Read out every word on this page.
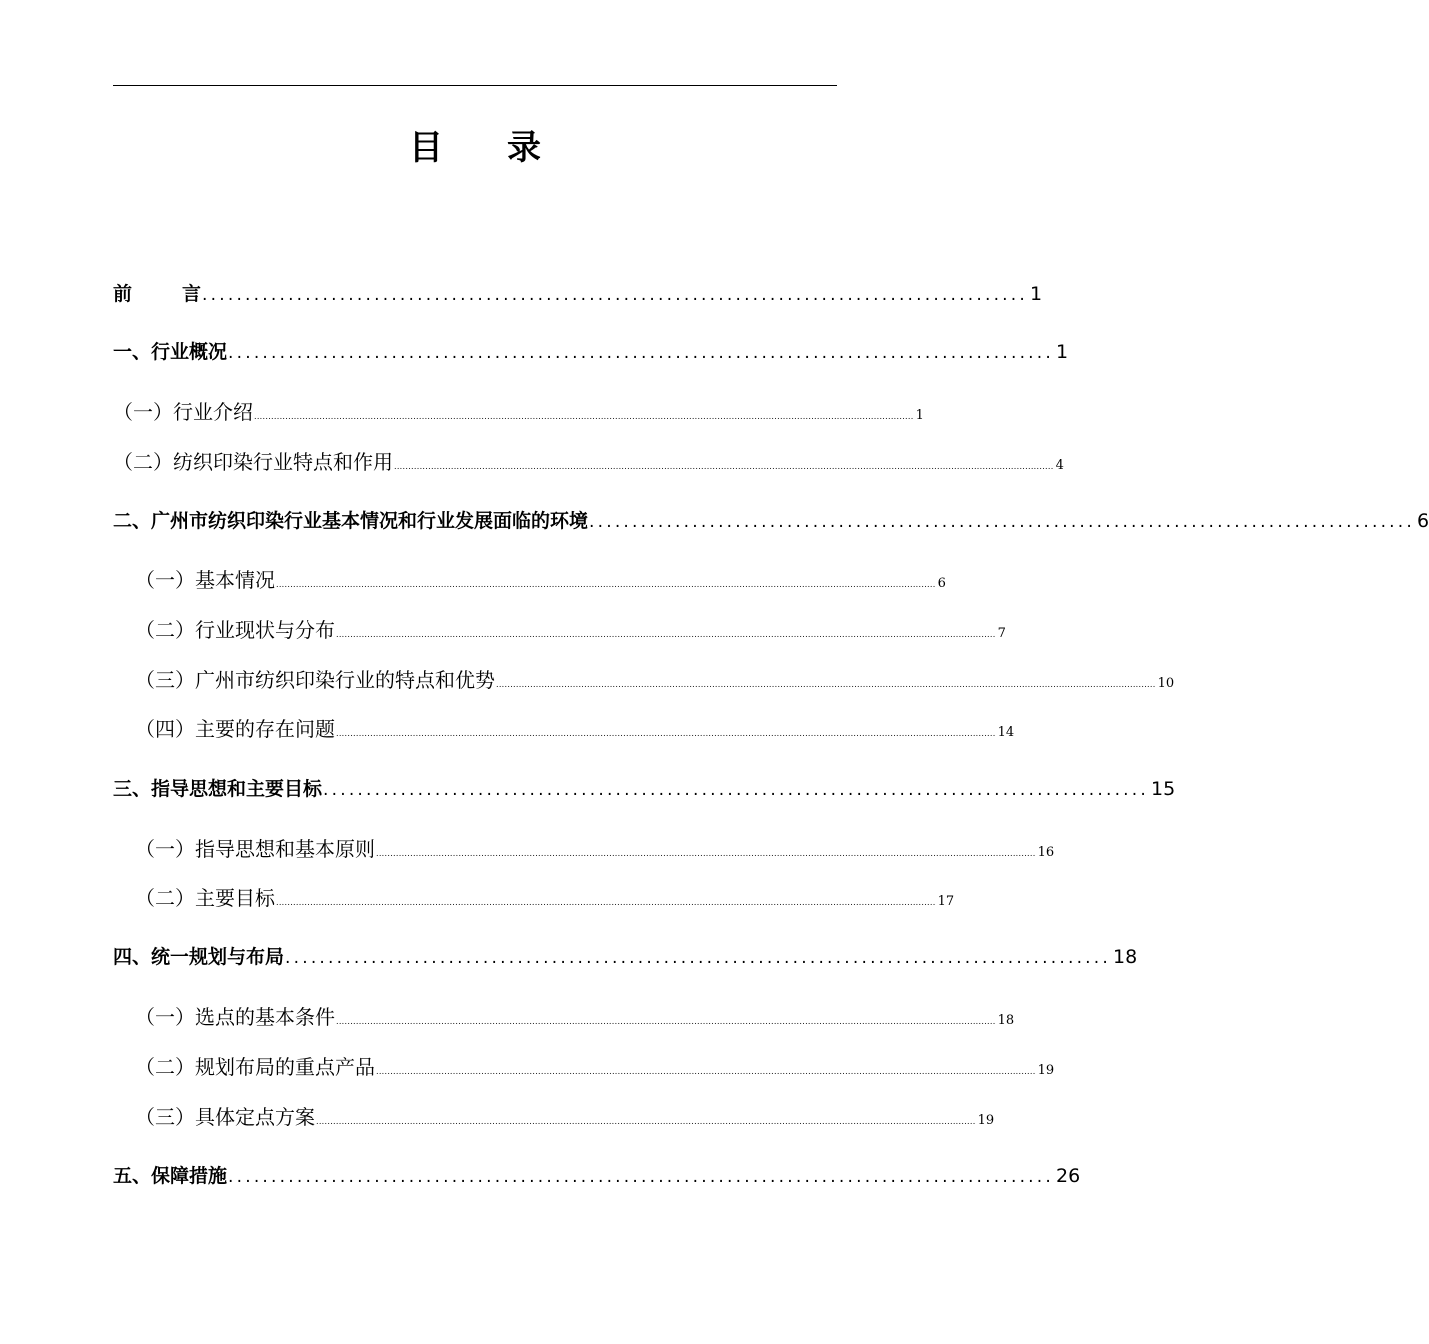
目 录
前	言 ................................................................................................ 1
一、行业概况 ................................................................................................ 1
（一）行业介绍 ........................................................................................................................................................................................................................................ 1
（二）纺织印染行业特点和作用 ........................................................................................................................................................................................................................................ 4
二、广州市纺织印染行业基本情况和行业发展面临的环境 ................................................................................................ 6
（一）基本情况 ........................................................................................................................................................................................................................................ 6
（二）行业现状与分布 ........................................................................................................................................................................................................................................ 7
（三）广州市纺织印染行业的特点和优势 ........................................................................................................................................................................................................................................ 10
（四）主要的存在问题 ........................................................................................................................................................................................................................................ 14
三、指导思想和主要目标 ................................................................................................ 15
（一）指导思想和基本原则 ........................................................................................................................................................................................................................................ 16
（二）主要目标 ........................................................................................................................................................................................................................................ 17
四、统一规划与布局 ................................................................................................ 18
（一）选点的基本条件 ........................................................................................................................................................................................................................................ 18
（二）规划布局的重点产品 ........................................................................................................................................................................................................................................ 19
（三）具体定点方案 ........................................................................................................................................................................................................................................ 19
五、保障措施 ................................................................................................ 26
